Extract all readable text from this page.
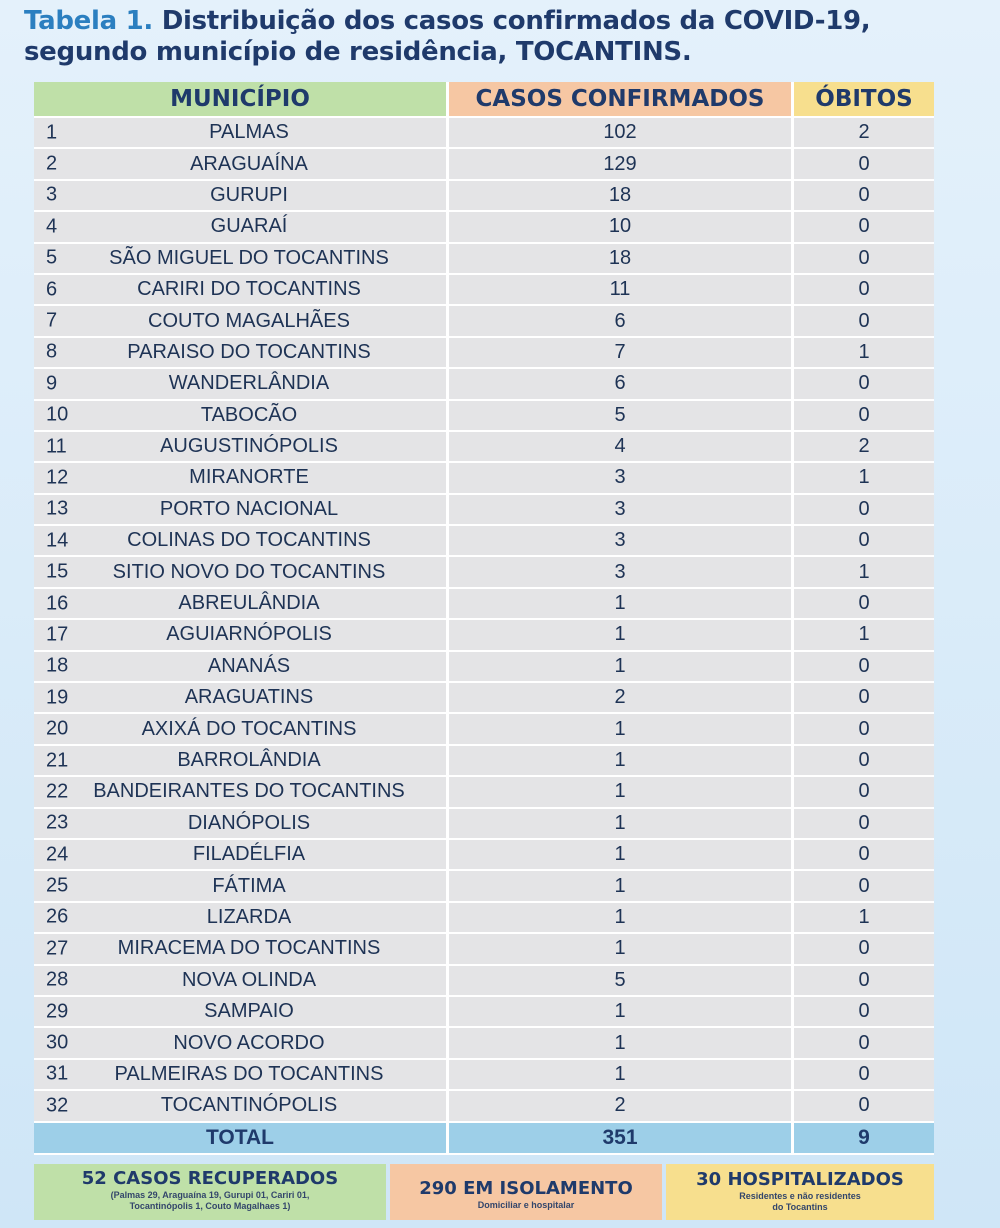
Tabela 1. Distribuição dos casos confirmados da COVID-19, segundo município de residência, TOCANTINS.
MUNICÍPIO	CASOS CONFIRMADOS	ÓBITOS

1 PALMAS	102	2

2 ARAGUAÍNA	129	0

3 GURUPI	18	0

4 GUARAÍ	10	0

5 SÃO MIGUEL DO TOCANTINS	18	0

6 CARIRI DO TOCANTINS	11	0

7 COUTO MAGALHÃES	6	0

8 PARAISO DO TOCANTINS	7	1

9 WANDERLÂNDIA	6	0

10 TABOCÃO	5	0

11 AUGUSTINÓPOLIS	4	2

12 MIRANORTE	3	1

13 PORTO NACIONAL	3	0

14 COLINAS DO TOCANTINS	3	0

15 SITIO NOVO DO TOCANTINS	3	1

16 ABREULÂNDIA	1	0

17 AGUIARNÓPOLIS	1	1

18 ANANÁS	1	0

19 ARAGUATINS	2	0

20 AXIXÁ DO TOCANTINS	1	0

21 BARROLÂNDIA	1	0

22 BANDEIRANTES DO TOCANTINS	1	0

23 DIANÓPOLIS	1	0

24 FILADÉLFIA	1	0

25 FÁTIMA	1	0

26 LIZARDA	1	1

27 MIRACEMA DO TOCANTINS	1	0

28 NOVA OLINDA	5	0

29 SAMPAIO	1	0

30 NOVO ACORDO	1	0

31 PALMEIRAS DO TOCANTINS	1	0

32 TOCANTINÓPOLIS	2	0
TOTAL	351	9
52 CASOS RECUPERADOS
(Palmas 29, Araguaína 19, Gurupi 01, Cariri 01,
Tocantinópolis 1, Couto Magalhaes 1)
290 EM ISOLAMENTO
Domiciliar e hospitalar
30 HOSPITALIZADOS
Residentes e não residentes
do Tocantins
